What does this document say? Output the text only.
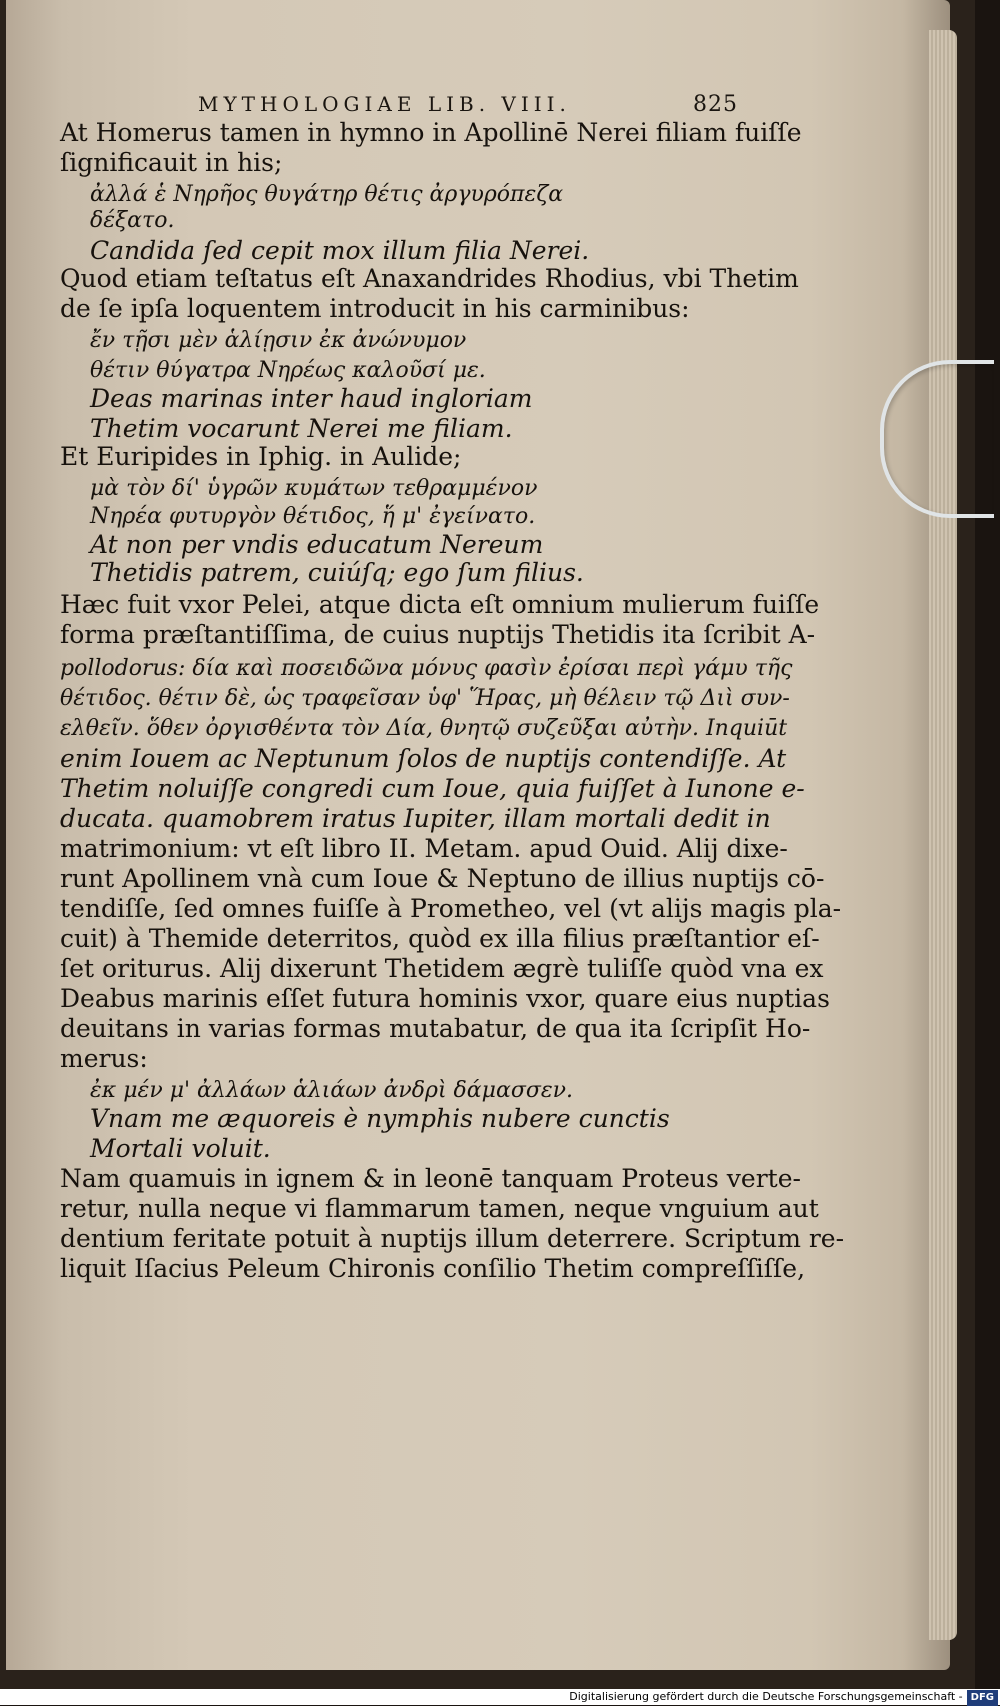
MYTHOLOGIAE LIB. VIII.	825
At Homerus tamen in hymno in Apollinē Nerei filiam fuiſſe
ſignificauit in his;
ἀλλά ἑ Νηρῆος θυγάτηρ θέτις ἀργυρόπεζα
δέξατο.
Candida ſed cepit mox illum filia Nerei.
Quod etiam teſtatus eſt Anaxandrides Rhodius, vbi Thetim
de ſe ipſa loquentem introducit in his carminibus:
ἔν τῇσι μὲν ἁλίῃσιν ἐκ ἀνώνυμον
θέτιν θύγατρα Νηρέως καλοῦσί με.
Deas marinas inter haud ingloriam
Thetim vocarunt Nerei me filiam.
Et Euripides in Iphig. in Aulide;
μὰ τὸν δί' ὑγρῶν κυμάτων τεθραμμένον
Νηρέα φυτυργὸν θέτιδος, ἥ μ' ἐγείνατο.
At non per vndis educatum Nereum
Thetidis patrem, cuiúſq; ego ſum filius.
Hæc fuit vxor Pelei, atque dicta eſt omnium mulierum fuiſſe
forma præſtantiſſima, de cuius nuptijs Thetidis ita ſcribit A-
pollodorus: δία καὶ ποσειδῶνα μόνυς φασὶν ἐρίσαι περὶ γάμυ τῆς
θέτιδος. θέτιν δὲ, ὡς τραφεῖσαν ὑφ' Ἥρας, μὴ θέλειν τῷ Διὶ συν-
ελθεῖν. ὅθεν ὀργισθέντα τὸν Δία, θνητῷ συζεῦξαι αὐτὴν. Inquiūt
enim Iouem ac Neptunum ſolos de nuptijs contendiſſe. At
Thetim noluiſſe congredi cum Ioue, quia fuiſſet à Iunone e-
ducata. quamobrem iratus Iupiter, illam mortali dedit in
matrimonium: vt eſt libro II. Metam. apud Ouid. Alij dixe-
runt Apollinem vnà cum Ioue & Neptuno de illius nuptijs cō-
tendiſſe, ſed omnes fuiſſe à Prometheo, vel (vt alijs magis pla-
cuit) à Themide deterritos, quòd ex illa filius præſtantior eſ-
ſet oriturus. Alij dixerunt Thetidem ægrè tuliſſe quòd vna ex
Deabus marinis eſſet futura hominis vxor, quare eius nuptias
deuitans in varias formas mutabatur, de qua ita ſcripſit Ho-
merus:
ἐκ μέν μ' ἀλλάων ἁλιάων ἀνδρὶ δάμασσεν.
Vnam me æquoreis è nymphis nubere cunctis
Mortali voluit.
Nam quamuis in ignem & in leonē tanquam Proteus verte-
retur, nulla neque vi flammarum tamen, neque vnguium aut
dentium feritate potuit à nuptijs illum deterrere. Scriptum re-
liquit Iſacius Peleum Chironis conſilio Thetim compreſſiſſe,
Digitalisierung gefördert durch die Deutsche Forschungsgemeinschaft - DFG
